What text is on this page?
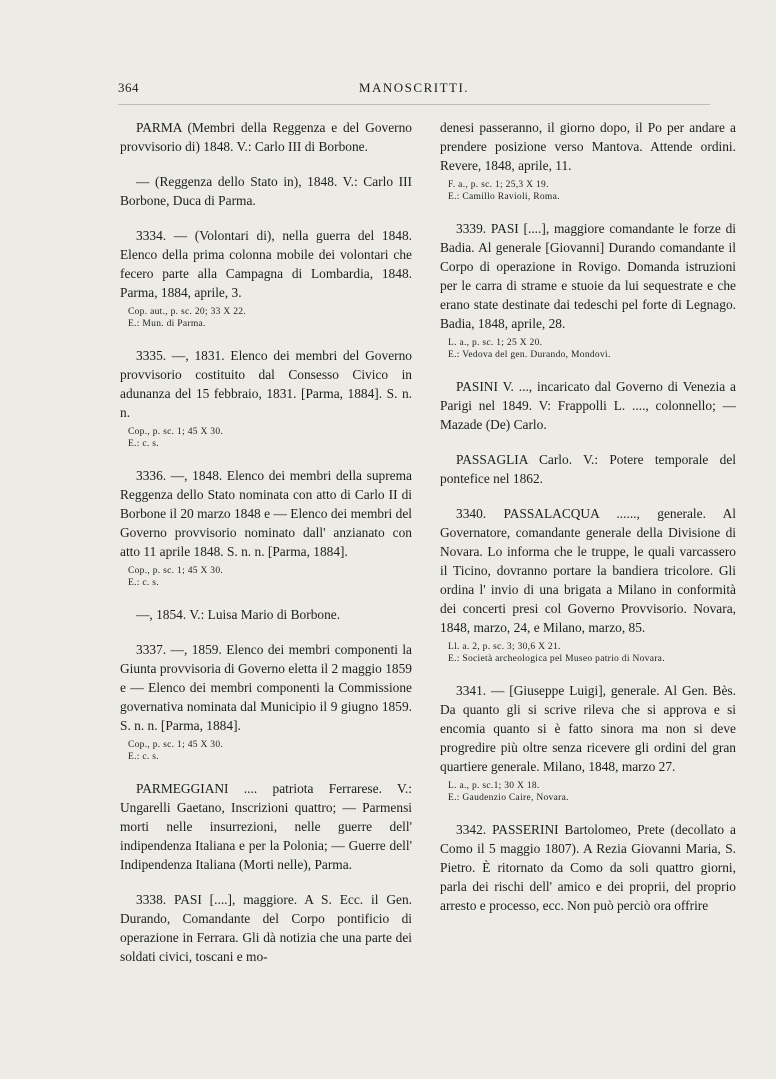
364	MANOSCRITTI.

PARMA (Membri della Reggenza e del Governo provvisorio di) 1848. V.: Carlo III di Borbone.

— (Reggenza dello Stato in), 1848. V.: Carlo III Borbone, Duca di Parma.

3334. — (Volontari di), nella guerra del 1848. Elenco della prima colonna mobile dei volontari che fecero parte alla Campagna di Lombardia, 1848. Parma, 1884, aprile, 3.

Cop. aut., p. sc. 20; 33 X 22.
E.: Mun. di Parma.

3335. —, 1831. Elenco dei membri del Governo provvisorio costituito dal Consesso Civico in adunanza del 15 febbraio, 1831. [Parma, 1884]. S. n. n.

Cop., p. sc. 1; 45 X 30.
E.: c. s.

3336. —, 1848. Elenco dei membri della suprema Reggenza dello Stato nominata con atto di Carlo II di Borbone il 20 marzo 1848 e — Elenco dei membri del Governo provvisorio nominato dall' anzianato con atto 11 aprile 1848. S. n. n. [Parma, 1884].

Cop., p. sc. 1; 45 X 30.
E.: c. s.

—, 1854. V.: Luisa Mario di Borbone.

3337. —, 1859. Elenco dei membri componenti la Giunta provvisoria di Governo eletta il 2 maggio 1859 e — Elenco dei membri componenti la Commissione governativa nominata dal Municipio il 9 giugno 1859. S. n. n. [Parma, 1884].

Cop., p. sc. 1; 45 X 30.
E.: c. s.

PARMEGGIANI .... patriota Ferrarese. V.: Ungarelli Gaetano, Inscrizioni quattro; — Parmensi morti nelle insurrezioni, nelle guerre dell' indipendenza Italiana e per la Polonia; — Guerre dell' Indipendenza Italiana (Morti nelle), Parma.

3338. PASI [....], maggiore. A S. Ecc. il Gen. Durando, Comandante del Corpo pontificio di operazione in Ferrara. Gli dà notizia che una parte dei soldati civici, toscani e mo-

denesi passeranno, il giorno dopo, il Po per andare a prendere posizione verso Mantova. Attende ordini. Revere, 1848, aprile, 11.

F. a., p. sc. 1; 25,3 X 19.
E.: Camillo Ravioli, Roma.

3339. PASI [....], maggiore comandante le forze di Badia. Al generale [Giovanni] Durando comandante il Corpo di operazione in Rovigo. Domanda istruzioni per le carra di strame e stuoie da lui sequestrate e che erano state destinate dai tedeschi pel forte di Legnago. Badia, 1848, aprile, 28.

L. a., p. sc. 1; 25 X 20.
E.: Vedova del gen. Durando, Mondovì.

PASINI V. ..., incaricato dal Governo di Venezia a Parigi nel 1849. V: Frappolli L. ...., colonnello; — Mazade (De) Carlo.

PASSAGLIA Carlo. V.: Potere temporale del pontefice nel 1862.

3340. PASSALACQUA ......, generale. Al Governatore, comandante generale della Divisione di Novara. Lo informa che le truppe, le quali varcassero il Ticino, dovranno portare la bandiera tricolore. Gli ordina l' invio di una brigata a Milano in conformità dei concerti presi col Governo Provvisorio. Novara, 1848, marzo, 24, e Milano, marzo, 85.

Ll. a. 2, p. sc. 3; 30,6 X 21.
E.: Società archeologica pel Museo patrio di Novara.

3341. — [Giuseppe Luigi], generale. Al Gen. Bès. Da quanto gli si scrive rileva che si approva e si encomia quanto si è fatto sinora ma non si deve progredire più oltre senza ricevere gli ordini del gran quartiere generale. Milano, 1848, marzo 27.

L. a., p. sc.1; 30 X 18.
E.: Gaudenzio Caire, Novara.

3342. PASSERINI Bartolomeo, Prete (decollato a Como il 5 maggio 1807). A Rezia Giovanni Maria, S. Pietro. È ritornato da Como da soli quattro giorni, parla dei rischi dell' amico e dei proprii, del proprio arresto e processo, ecc. Non può perciò ora offrire
